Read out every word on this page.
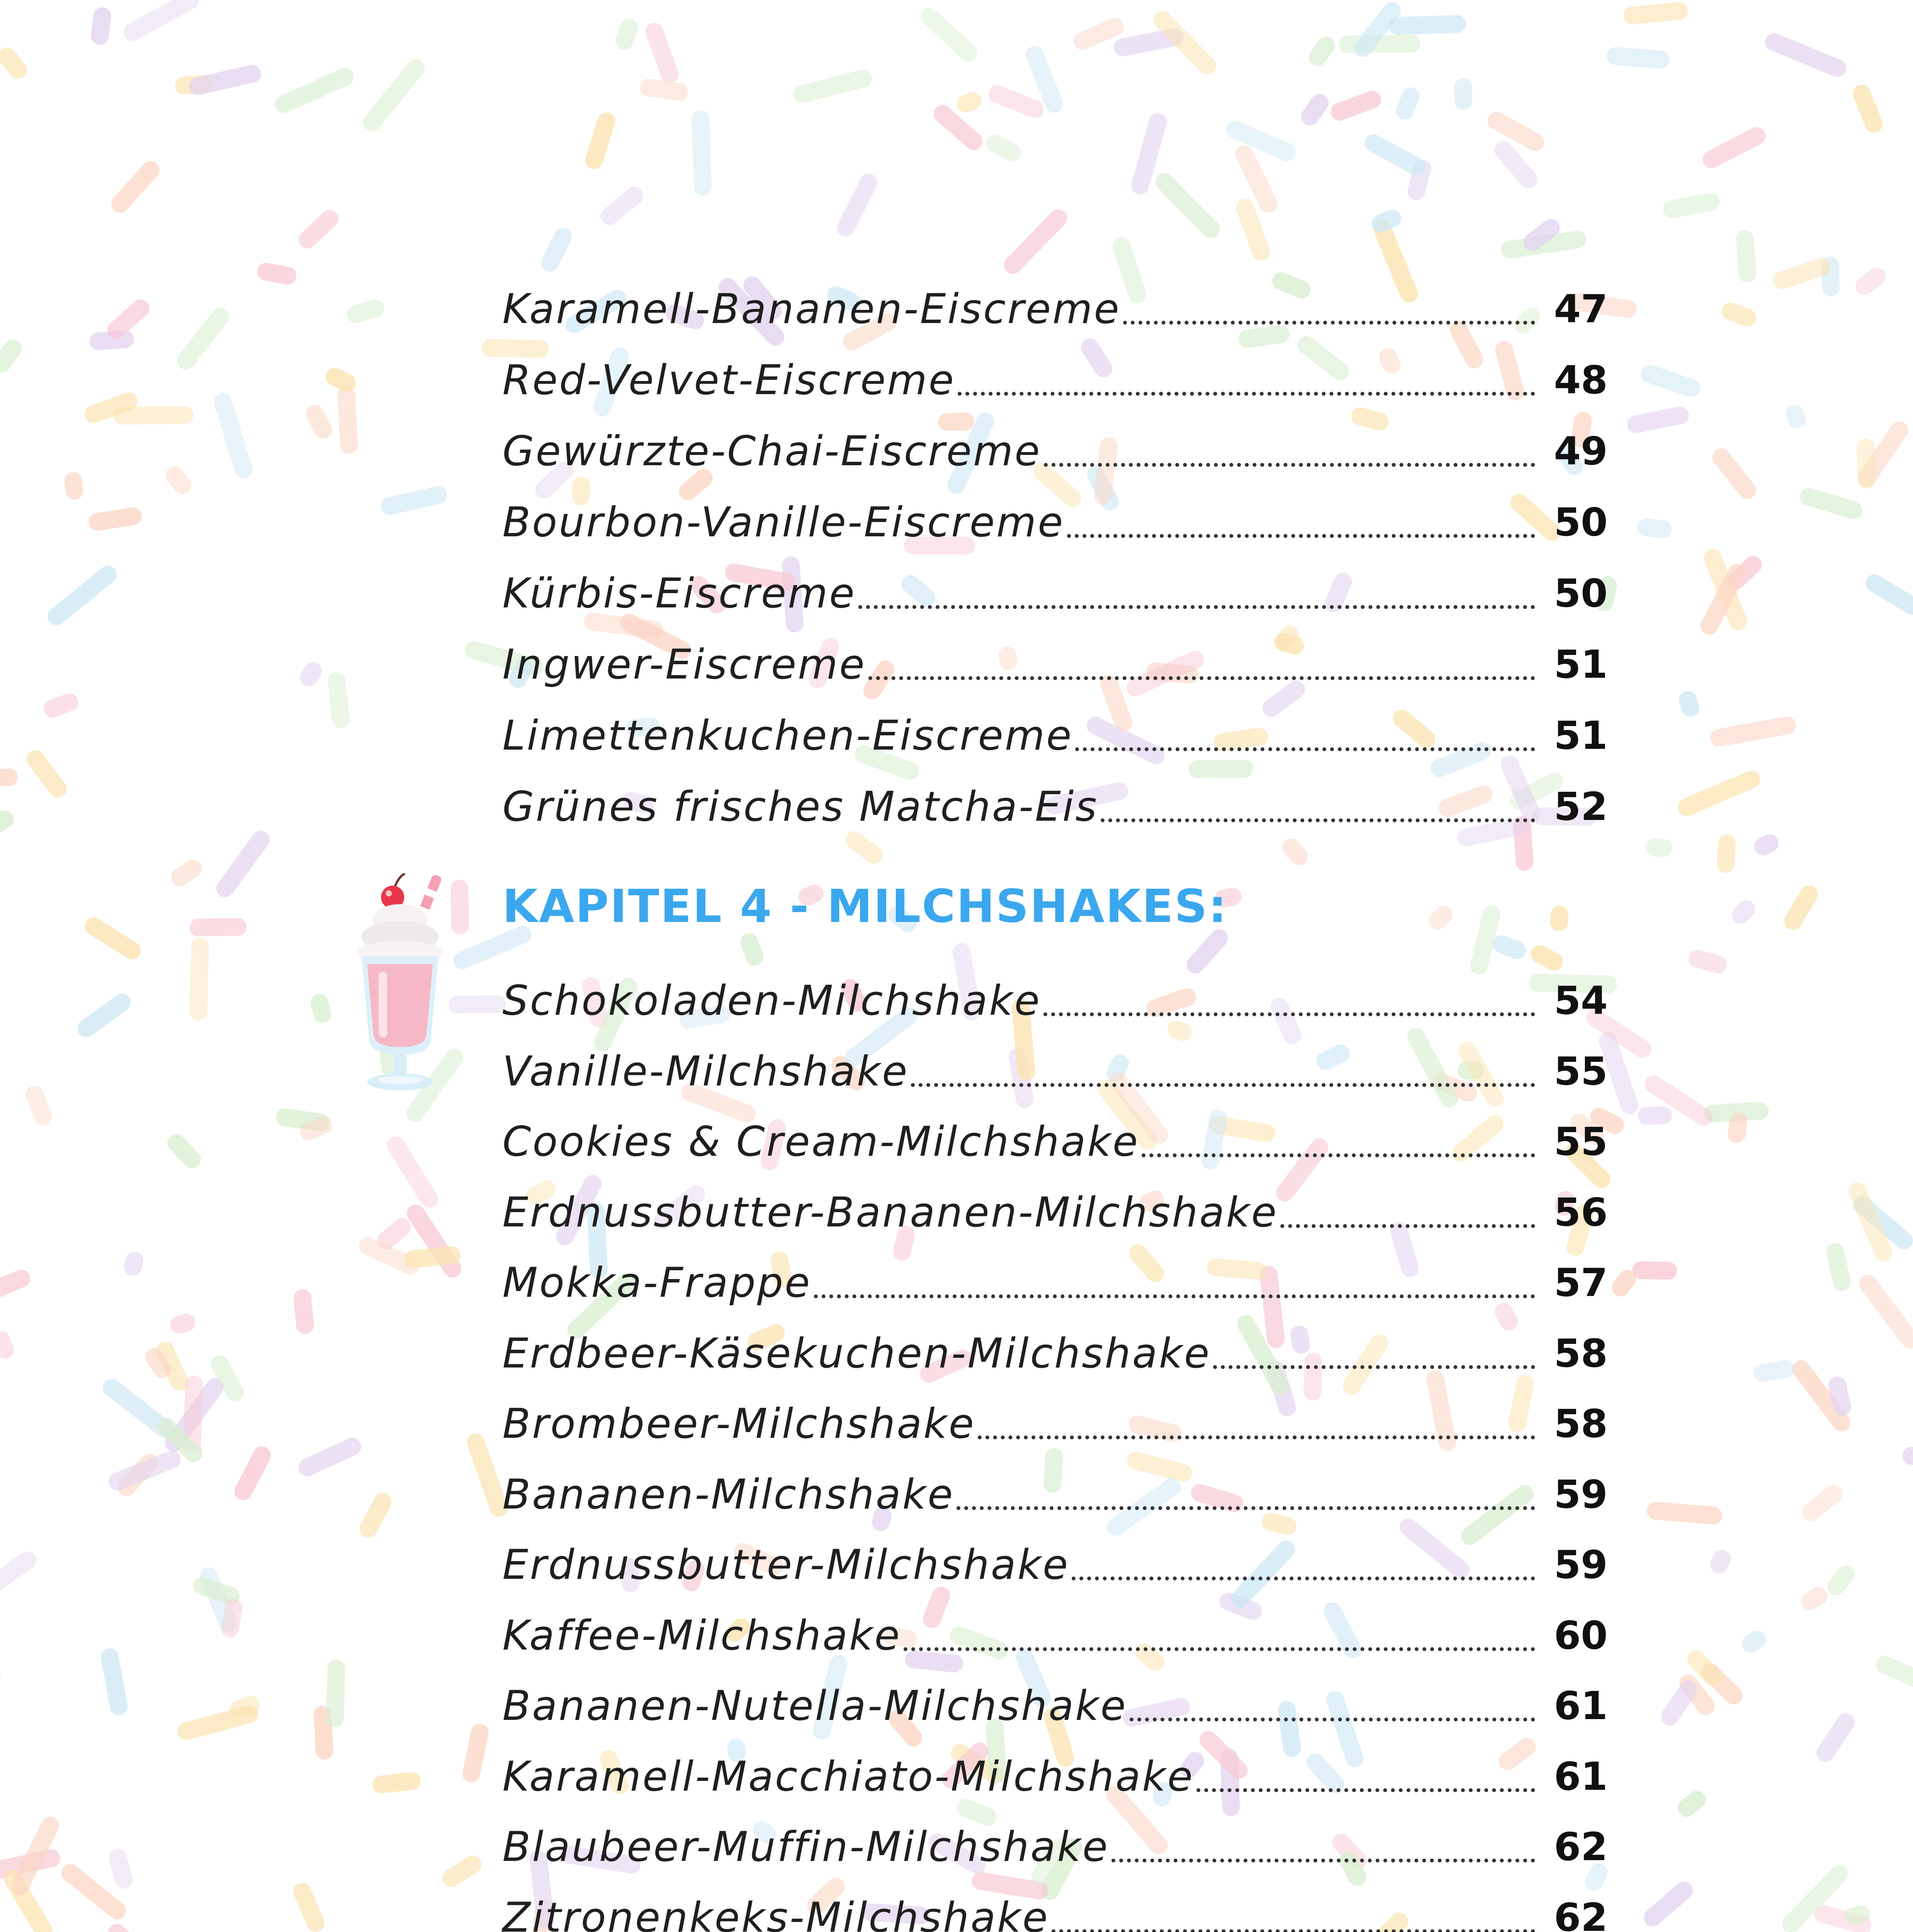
Karamell-Bananen-Eiscreme	47
Red-Velvet-Eiscreme	48
Gewürzte-Chai-Eiscreme	49
Bourbon-Vanille-Eiscreme	50
Kürbis-Eiscreme	50
Ingwer-Eiscreme	51
Limettenkuchen-Eiscreme	51
Grünes frisches Matcha-Eis	52
KAPITEL 4 - MILCHSHAKES:
Schokoladen-Milchshake	54
Vanille-Milchshake	55
Cookies & Cream-Milchshake	55
Erdnussbutter-Bananen-Milchshake	56
Mokka-Frappe	57
Erdbeer-Käsekuchen-Milchshake	58
Brombeer-Milchshake	58
Bananen-Milchshake	59
Erdnussbutter-Milchshake	59
Kaffee-Milchshake	60
Bananen-Nutella-Milchshake	61
Karamell-Macchiato-Milchshake	61
Blaubeer-Muffin-Milchshake	62
Zitronenkeks-Milchshake	62
